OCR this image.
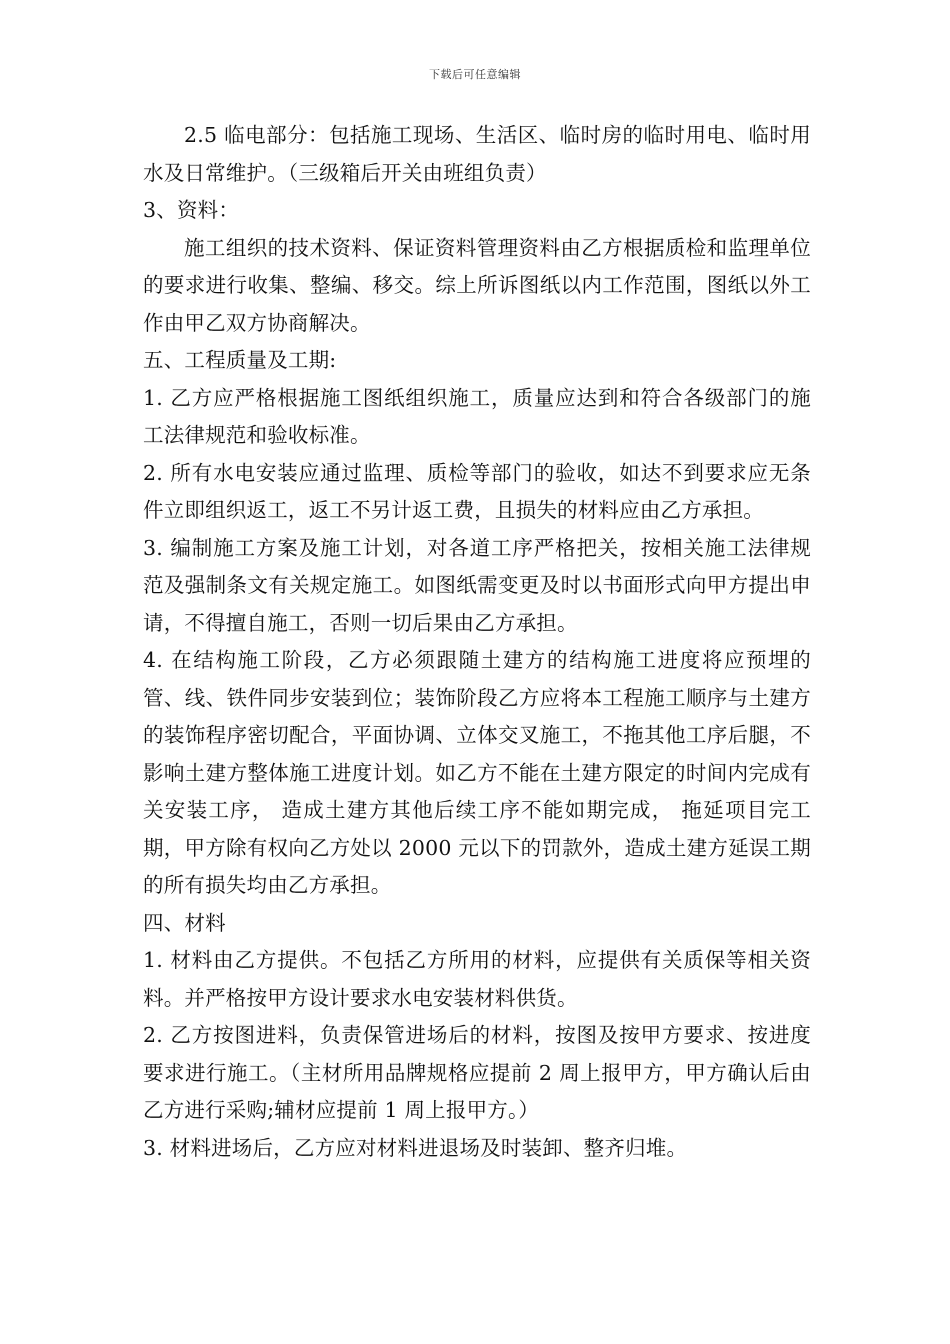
下载后可任意编辑

2.5 临电部分：包括施工现场、生活区、临时房的临时用电、临时用水及日常维护。（三级箱后开关由班组负责）

3、资料：

施工组织的技术资料、保证资料管理资料由乙方根据质检和监理单位的要求进行收集、整编、移交。综上所诉图纸以内工作范围，图纸以外工作由甲乙双方协商解决。

五、工程质量及工期:

1. 乙方应严格根据施工图纸组织施工，质量应达到和符合各级部门的施工法律规范和验收标准。

2. 所有水电安装应通过监理、质检等部门的验收，如达不到要求应无条件立即组织返工，返工不另计返工费，且损失的材料应由乙方承担。

3. 编制施工方案及施工计划，对各道工序严格把关，按相关施工法律规范及强制条文有关规定施工。如图纸需变更及时以书面形式向甲方提出申请，不得擅自施工，否则一切后果由乙方承担。

4. 在结构施工阶段，乙方必须跟随土建方的结构施工进度将应预埋的管、线、铁件同步安装到位；装饰阶段乙方应将本工程施工顺序与土建方的装饰程序密切配合，平面协调、立体交叉施工，不拖其他工序后腿，不影响土建方整体施工进度计划。如乙方不能在土建方限定的时间内完成有关安装工序， 造成土建方其他后续工序不能如期完成， 拖延项目完工期，甲方除有权向乙方处以 2000 元以下的罚款外，造成土建方延误工期的所有损失均由乙方承担。

四、材料

1. 材料由乙方提供。不包括乙方所用的材料，应提供有关质保等相关资料。并严格按甲方设计要求水电安装材料供货。

2. 乙方按图进料，负责保管进场后的材料，按图及按甲方要求、按进度要求进行施工。（主材所用品牌规格应提前 2 周上报甲方，甲方确认后由乙方进行采购;辅材应提前 1 周上报甲方。）

3. 材料进场后，乙方应对材料进退场及时装卸、整齐归堆。
